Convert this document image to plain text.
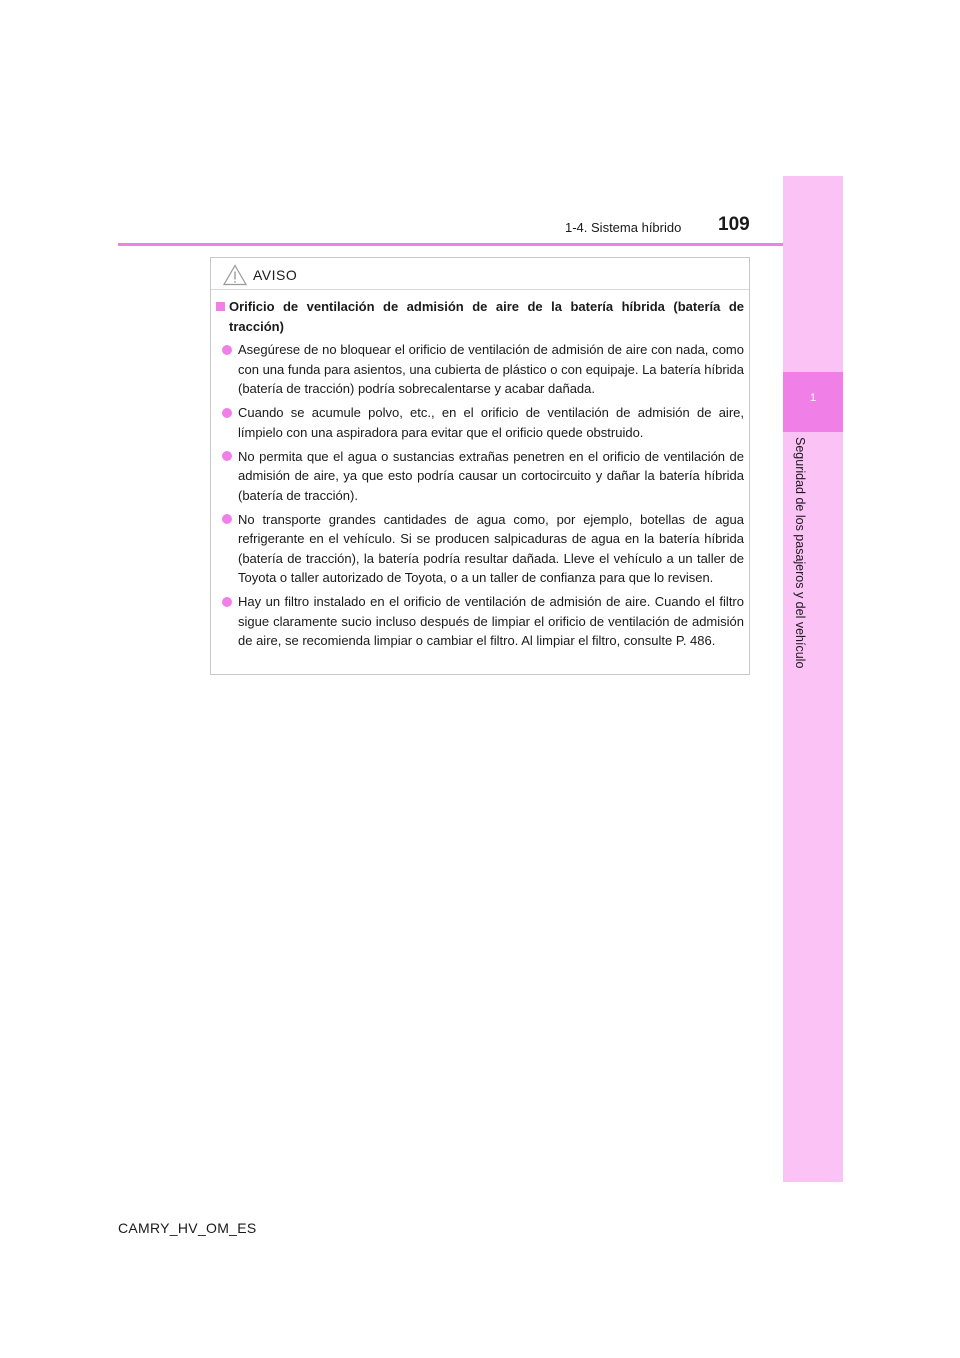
1-4. Sistema híbrido 109
1
Seguridad de los pasajeros y del vehículo
AVISO
Orificio de ventilación de admisión de aire de la batería híbrida (batería de tracción)
Asegúrese de no bloquear el orificio de ventilación de admisión de aire con nada, como con una funda para asientos, una cubierta de plástico o con equipaje. La batería híbrida (batería de tracción) podría sobrecalentarse y acabar dañada.
Cuando se acumule polvo, etc., en el orificio de ventilación de admisión de aire, límpielo con una aspiradora para evitar que el orificio quede obstruido.
No permita que el agua o sustancias extrañas penetren en el orificio de ventilación de admisión de aire, ya que esto podría causar un cortocircuito y dañar la batería híbrida (batería de tracción).
No transporte grandes cantidades de agua como, por ejemplo, botellas de agua refrigerante en el vehículo. Si se producen salpicaduras de agua en la batería híbrida (batería de tracción), la batería podría resultar dañada. Lleve el vehículo a un taller de Toyota o taller autorizado de Toyota, o a un taller de confianza para que lo revisen.
Hay un filtro instalado en el orificio de ventilación de admisión de aire. Cuando el filtro sigue claramente sucio incluso después de limpiar el orificio de ventilación de admisión de aire, se recomienda limpiar o cambiar el filtro. Al limpiar el filtro, consulte P. 486.
CAMRY_HV_OM_ES
